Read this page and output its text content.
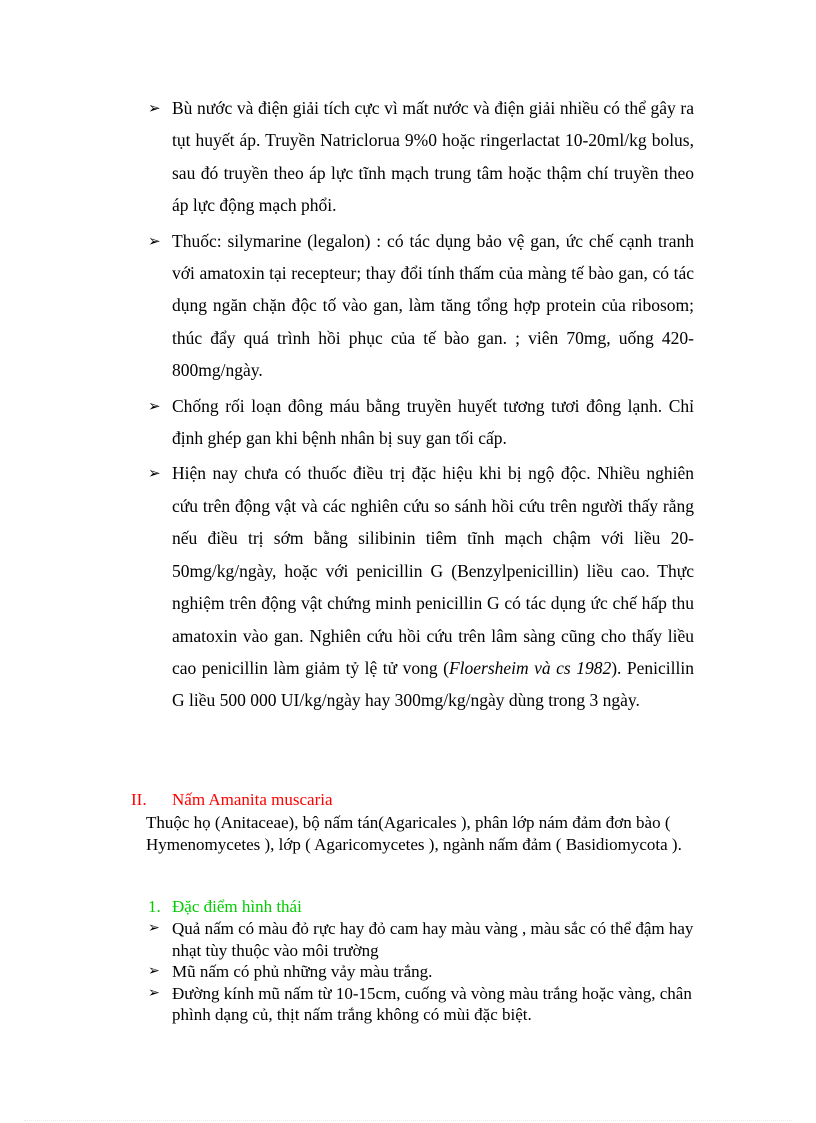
➢ Bù nước và điện giải tích cực vì mất nước và điện giải nhiều có thể gây ra tụt huyết áp. Truyền Natriclorua 9%0 hoặc ringerlactat 10-20ml/kg bolus, sau đó truyền theo áp lực tĩnh mạch trung tâm hoặc thậm chí truyền theo áp lực động mạch phổi.
➢ Thuốc: silymarine (legalon) : có tác dụng bảo vệ gan, ức chế cạnh tranh với amatoxin tại recepteur; thay đổi tính thấm của màng tế bào gan, có tác dụng ngăn chặn độc tố vào gan, làm tăng tổng hợp protein của ribosom; thúc đẩy quá trình hồi phục của tế bào gan. ; viên 70mg, uống 420-800mg/ngày.
➢ Chống rối loạn đông máu bằng truyền huyết tương tươi đông lạnh. Chỉ định ghép gan khi bệnh nhân bị suy gan tối cấp.
➢ Hiện nay chưa có thuốc điều trị đặc hiệu khi bị ngộ độc. Nhiều nghiên cứu trên động vật và các nghiên cứu so sánh hồi cứu trên người thấy rằng nếu điều trị sớm bằng silibinin tiêm tĩnh mạch chậm với liều 20-50mg/kg/ngày, hoặc với penicillin G (Benzylpenicillin) liều cao. Thực nghiệm trên động vật chứng minh penicillin G có tác dụng ức chế hấp thu amatoxin vào gan. Nghiên cứu hồi cứu trên lâm sàng cũng cho thấy liều cao penicillin làm giảm tỷ lệ tử vong (Floersheim và cs 1982). Penicillin G liều 500 000 UI/kg/ngày hay 300mg/kg/ngày dùng trong 3 ngày.
II. Nấm Amanita muscaria

Thuộc họ (Anitaceae), bộ nấm tán(Agaricales ), phân lớp nám đảm đơn bào ( Hymenomycetes ), lớp ( Agaricomycetes ), ngành nấm đảm ( Basidiomycota ).

1. Đặc điểm hình thái
➢ Quả nấm có màu đỏ rực hay đỏ cam hay màu vàng , màu sắc có thể đậm hay nhạt tùy thuộc vào môi trường
➢ Mũ nấm có phủ những vảy màu trắng.
➢ Đường kính mũ nấm từ 10-15cm, cuống và vòng màu trắng hoặc vàng, chân phình dạng củ, thịt nấm trắng không có mùi đặc biệt.
